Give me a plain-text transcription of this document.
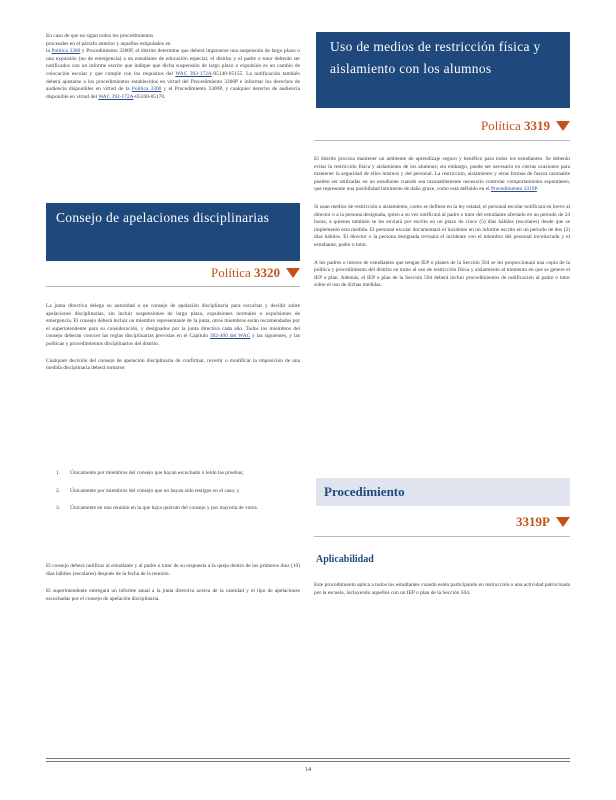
En caso de que no sigan todos los procedimientos

procesales en el párrafo anterior y aquellos estipulados en

la Política 3300 y Procedimiento 3300P, el distrito determine que deberá imponerse una suspensión de largo plazo o una expulsión (no de emergencia) a un estudiante de educación especial, el distrito y el padre o tutor deberán ser notificados con un informe escrito que indique que dicha suspensión de largo plazo o expulsión es un cambio de colocación escolar y que cumple con los requisitos del WAC 392-172A-05140-05155. La notificación también deberá ajustarse a los procedimientos establecidos en virtud del Procedimiento 3300P e informar los derechos de audiencia disponibles en virtud de la Política 3300 y el Procedimiento 3300P, y cualquier derecho de audiencia disponible en virtud del WAC 392-172A-05160-05170.

Consejo de apelaciones disciplinarias
Política 3320

La junta directiva delega su autoridad a un consejo de apelación disciplinaria para escuchar y decidir sobre apelaciones disciplinarias, sin incluir suspensiones de largo plazo, expulsiones normales o expulsiones de emergencia. El consejo deberá incluir un miembro representante de la junta, otros miembros serán recomendados por el superintendente para su consideración, y designados por la junta directiva cada año. Todos los miembros del consejo deberán conocer las reglas disciplinarias previstas en el Capítulo 392-400 del WAC y las siguientes, y las políticas y procedimientos disciplinarios del distrito.

Cualquier decisión del consejo de apelación disciplinaria de confirmar, revertir o modificar la imposición de una medida disciplinaria deberá tomarse:

1.	Únicamente por miembros del consejo que hayan escuchado o leído las pruebas;
2.	Únicamente por miembros del consejo que no hayan sido testigos en el caso; y
3.	Únicamente en una reunión en la que haya quórum del consejo y por mayoría de votos.

El consejo deberá notificar al estudiante y al padre o tutor de su respuesta a la queja dentro de los primeros diez (10) días hábiles (escolares) después de la fecha de la reunión.

El superintendente entregará un informe anual a la junta directiva acerca de la cantidad y el tipo de apelaciones escuchadas por el consejo de apelación disciplinaria.

Uso de medios de restricción física y aislamiento con los alumnos
Política 3319

El distrito procura mantener un ambiente de aprendizaje seguro y benéfico para todos los estudiantes. Se deberán evitar la restricción física y aislamiento de los alumnos; sin embargo, puede ser necesario en ciertas ocasiones para mantener la seguridad de ellos mismos y del personal. La restricción, aislamiento y otras formas de fuerza razonable pueden ser utilizadas en un estudiante cuando sea razonablemente necesario controlar comportamiento espontáneo, que represente una posibilidad inminente de daño grave, como está definido en el Procedimiento 3319P.

Si usan medios de restricción o aislamiento, como se definen en la ley estatal, el personal escolar notificará en breve al director o a la persona designada, quien a su vez notificará al padre o tutor del estudiante afectado en un periodo de 24 horas, a quienes también se les enviará por escrito en un plazo de cinco (5) días hábiles (escolares) desde que se implementó esta medida. El personal escolar documentará el incidente en un informe escrito en un periodo de dos (2) días hábiles. El director o la persona designada revisará el incidente con el miembro del personal involucrado y el estudiante, padre o tutor.

A los padres o tutores de estudiantes que tengan IEP o planes de la Sección 504 se les proporcionará una copia de la política y procedimiento del distrito en torno al uso de restricción física y aislamiento al momento en que se genere el IEP o plan. Además, el IEP o plan de la Sección 504 deberá incluir procedimientos de notificación al padre o tutor sobre el uso de dichas medidas.

Procedimiento
3319P
Aplicabilidad

Este procedimiento aplica a todos los estudiantes cuando estén participando en instrucción o una actividad patrocinada por la escuela, incluyendo aquellos con un IEP o plan de la Sección 504.

14
